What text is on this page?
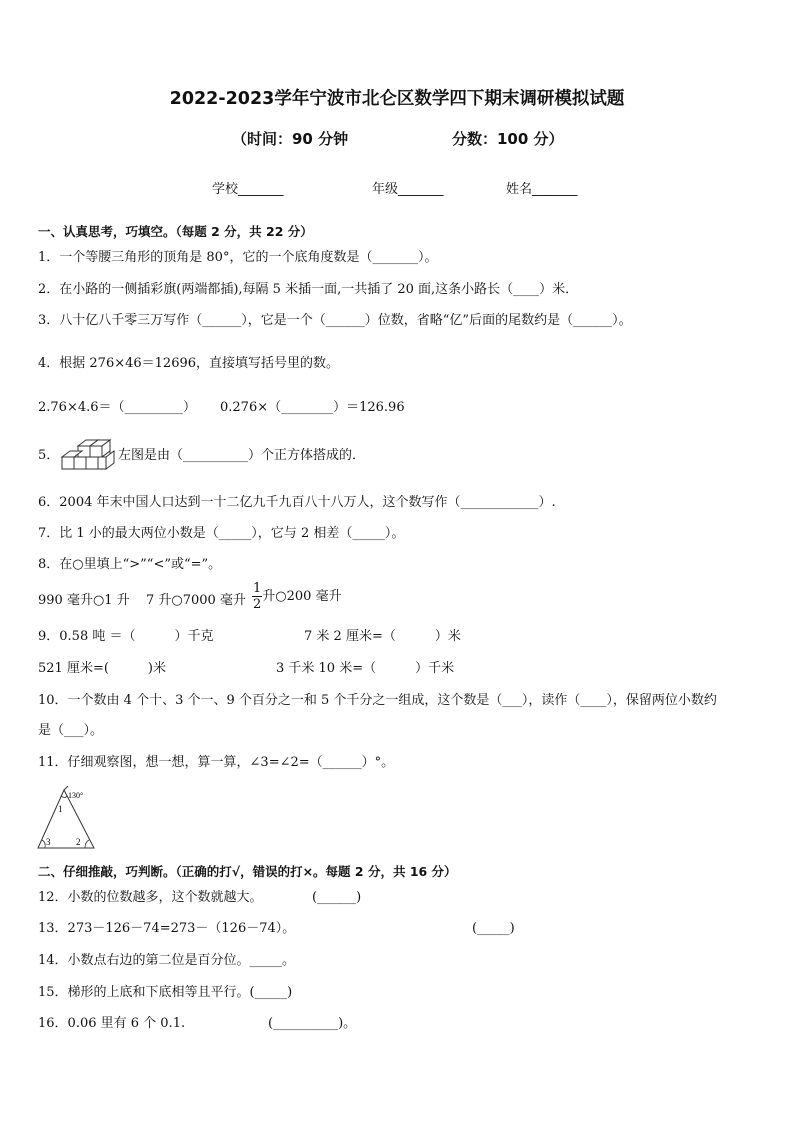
2022-2023学年宁波市北仑区数学四下期末调研模拟试题
（时间：90 分钟	分数：100 分）
学校_______	年级_______	姓名_______
一、认真思考，巧填空。（每题 2 分，共 22 分）
1．一个等腰三角形的顶角是 80°，它的一个底角度数是（_______）。
2．在小路的一侧插彩旗(两端都插),每隔 5 米插一面,一共插了 20 面,这条小路长（____）米．
3．八十亿八千零三万写作（______），它是一个（______）位数，省略“亿”后面的尾数约是（______）。
4．根据 276×46＝12696，直接填写括号里的数。
2.76×4.6＝（_________） 0.276×（________）＝126.96
5．	左图是由（__________）个正方体搭成的．
6．2004 年末中国人口达到一十二亿九千九百八十八万人，这个数写作（____________）.
7．比 1 小的最大两位小数是（_____），它与 2 相差（_____）。
8．在○里填上“>”“<”或“=”。
990 毫升○1 升 7 升○7000 毫升 $\frac{1}{2}$ 升○200 毫升
9．0.58 吨 ＝（　　　）千克	7 米 2 厘米=（　　　）米
521 厘米=(　　　)米	3 千米 10 米=（　　　）千米
10．一个数由 4 个十、3 个一、9 个百分之一和 5 个千分之一组成，这个数是（___），读作（____），保留两位小数约
是（___）。
11．仔细观察图，想一想，算一算，∠3=∠2=（______）°。
130°
1
3	2
二、仔细推敲，巧判断。（正确的打√，错误的打×。每题 2 分，共 16 分）
12．小数的位数越多，这个数就越大。	(______)
13．273－126－74=273－（126－74）。	(_____)
14．小数点右边的第二位是百分位。_____。
15．梯形的上底和下底相等且平行。(_____)
16．0.06 里有 6 个 0.1.	(__________)。
